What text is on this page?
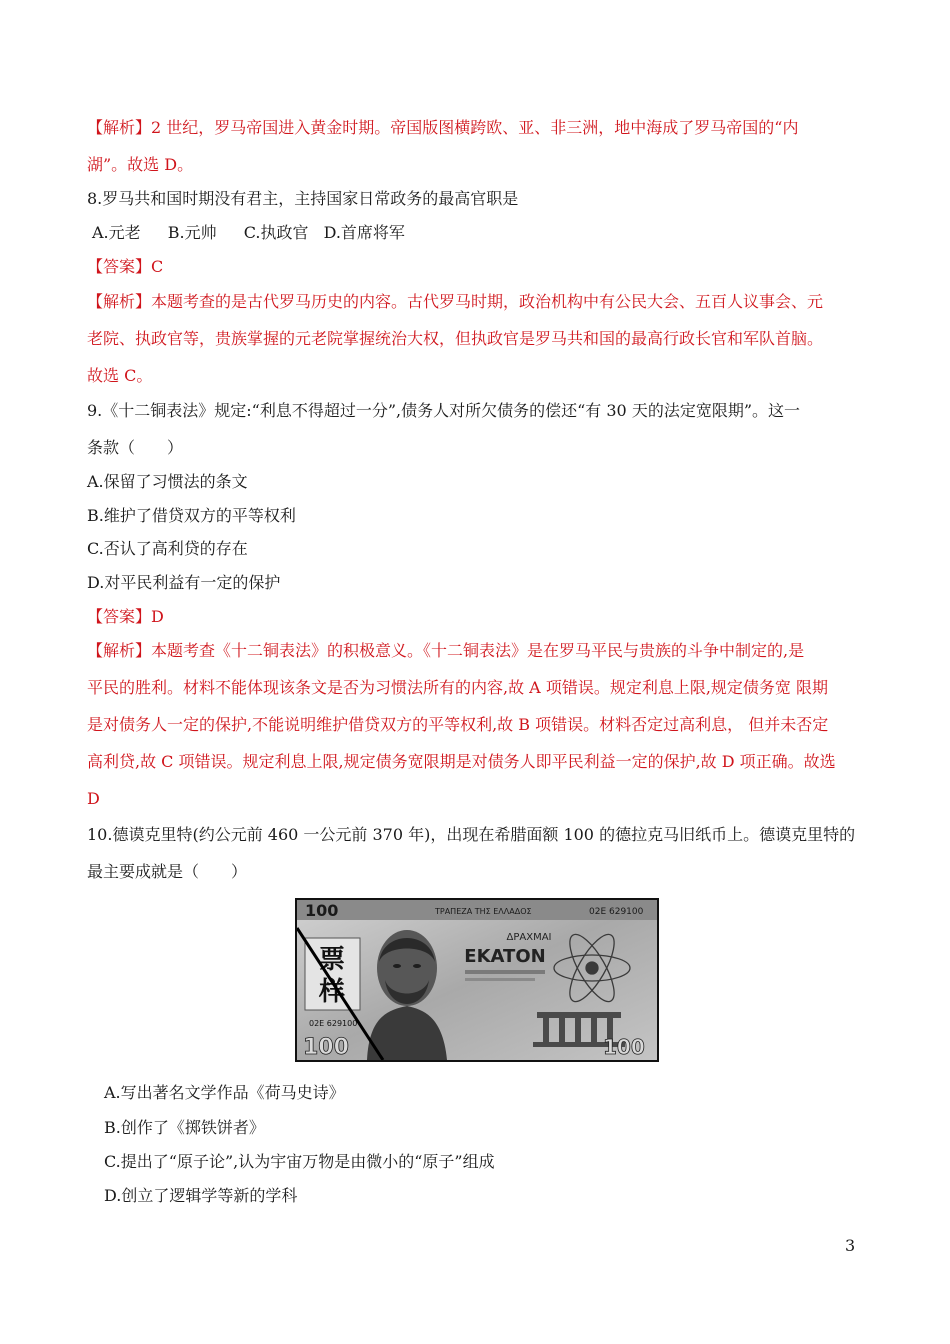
【解析】2 世纪，罗马帝国进入黄金时期。帝国版图横跨欧、亚、非三洲，地中海成了罗马帝国的“内
湖”。故选 D。
8.罗马共和国时期没有君主，主持国家日常政务的最高官职是
A.元老 B.元帅 C.执政官 D.首席将军
【答案】C
【解析】本题考查的是古代罗马历史的内容。古代罗马时期，政治机构中有公民大会、五百人议事会、元
老院、执政官等，贵族掌握的元老院掌握统治大权，但执政官是罗马共和国的最高行政长官和军队首脑。
故选 C。
9.《十二铜表法》规定:“利息不得超过一分”,债务人对所欠债务的偿还“有 30 天的法定宽限期”。这一
条款（　　）
A.保留了习惯法的条文
B.维护了借贷双方的平等权利
C.否认了高利贷的存在
D.对平民利益有一定的保护
【答案】D
【解析】本题考查《十二铜表法》的积极意义。《十二铜表法》是在罗马平民与贵族的斗争中制定的,是
平民的胜利。材料不能体现该条文是否为习惯法所有的内容,故 A 项错误。规定利息上限,规定债务宽 限期
是对债务人一定的保护,不能说明维护借贷双方的平等权利,故 B 项错误。材料否定过高利息， 但并未否定
高利贷,故 C 项错误。规定利息上限,规定债务宽限期是对债务人即平民利益一定的保护,故 D 项正确。故选
D
10.德谟克里特(约公元前 460 一公元前 370 年)，出现在希腊面额 100 的德拉克马旧纸币上。德谟克里特的
最主要成就是（　　）
100	ΤΡΑΠΕΖΑ ΤΗΣ ΕΛΛΑΔΟΣ	02E 629100
票
样
02E 629100
ΔΡΑΧΜΑΙ
EKATON
100	100
A.写出著名文学作品《荷马史诗》
B.创作了《掷铁饼者》
C.提出了“原子论”,认为宇宙万物是由微小的“原子”组成
D.创立了逻辑学等新的学科
3
